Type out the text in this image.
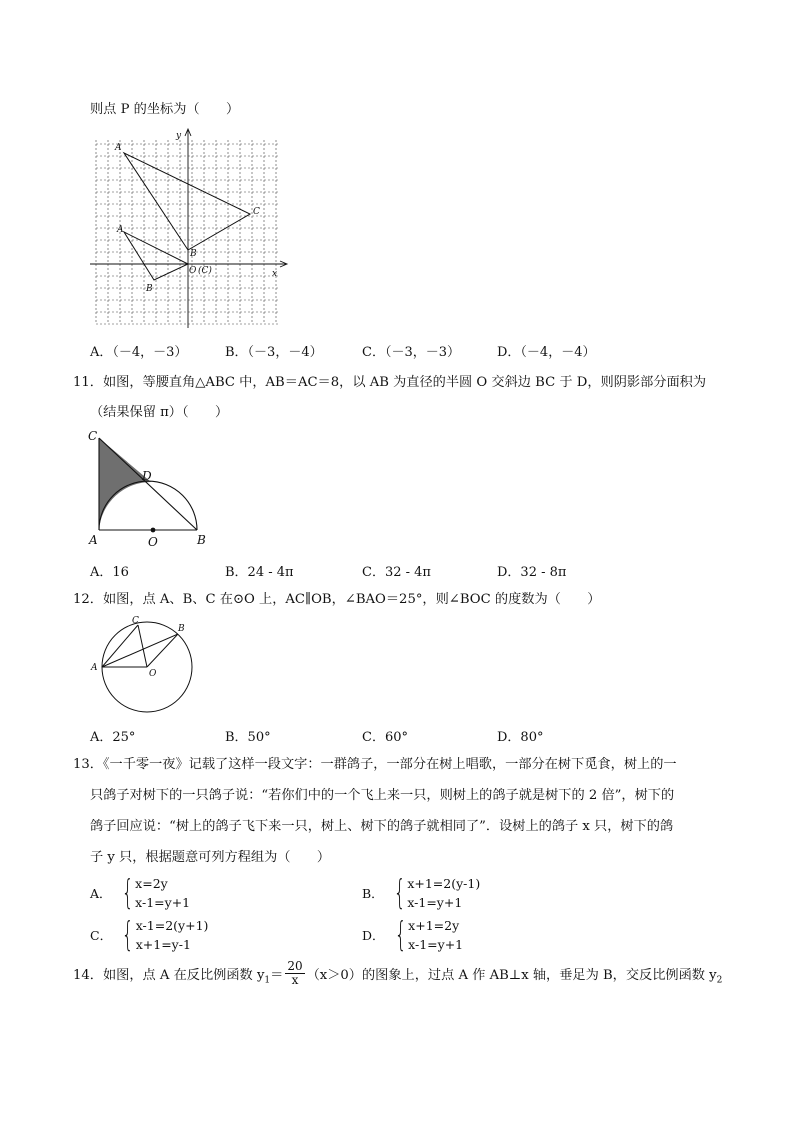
则点 P 的坐标为（　　）
A
C
A
B
B
O (C)	x
y
A．（－4，－3）	B．（－3，－4）	C．（－3，－3）	D．（－4，－4）
11．如图，等腰直角△ABC 中，AB＝AC＝8，以 AB 为直径的半圆 O 交斜边 BC 于 D，则阴影部分面积为
（结果保留 π）（　　）
C
D
A	O	B
A．16	B．24 - 4π	C．32 - 4π	D．32 - 8π
12．如图，点 A、B、C 在⊙O 上，AC∥OB，∠BAO＝25°，则∠BOC 的度数为（　　）
A
C
B
O
A．25°	B．50°	C．60°	D．80°
13．《一千零一夜》记载了这样一段文字：一群鸽子，一部分在树上唱歌，一部分在树下觅食，树上的一
只鸽子对树下的一只鸽子说：“若你们中的一个飞上来一只，则树上的鸽子就是树下的 2 倍”，树下的
鸽子回应说：“树上的鸽子飞下来一只，树上、树下的鸽子就相同了”．设树上的鸽子 x 只，树下的鸽
子 y 只，根据题意可列方程组为（　　）
A． { x=2y
x-1=y+1
B． { x+1=2(y-1)
x-1=y+1
C． { x-1=2(y+1)
x+1=y-1
D． { x+1=2y
x-1=y+1
14．如图，点 A 在反比例函数 $y_1= \frac{20}{x} (x>0)$的图象上，过点 A 作 AB⊥x 轴，垂足为 B，交反比例函数 $y_2$
